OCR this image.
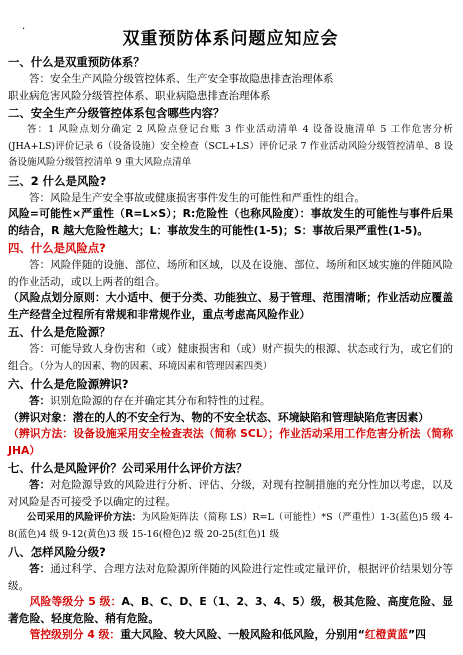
·	双重预防体系问题应知应会
一、什么是双重预防体系？

答：安全生产风险分级管控体系、生产安全事故隐患排查治理体系

职业病危害风险分级管控体系、职业病隐患排查治理体系

二、安全生产分级管控体系包含哪些内容？

答：1 风险点划分确定 2 风险点登记台账 3 作业活动清单 4 设备设施清单 5 工作危害分析(JHA+LS)评价记录 6（设备设施）安全检查（SCL+LS）评价记录 7 作业活动风险分级管控清单、8 设备设施风险分级管控清单 9 重大风险点清单

三、2 什么是风险?

答：风险是生产安全事故或健康损害事件发生的可能性和严重性的组合。

风险=可能性×严重性（R=L×S）；R:危险性（也称风险度）：事故发生的可能性与事件后果的结合，R 越大危险性越大；L：事故发生的可能性(1-5)；S：事故后果严重性(1-5)。

四、什么是风险点?

答：风险伴随的设施、部位、场所和区域，以及在设施、部位、场所和区域实施的伴随风险的作业活动，或以上两者的组合。

（风险点划分原则：大小适中、便于分类、功能独立、易于管理、范围清晰；作业活动应覆盖生产经营全过程所有常规和非常规作业，重点考虑高风险作业）

五、什么是危险源？

答：可能导致人身伤害和（或）健康损害和（或）财产损失的根源、状态或行为，或它们的组合。（分为人的因素、物的因素、环境因素和管理因素四类）

六、什么是危险源辨识?

答：识别危险源的存在并确定其分布和特性的过程。

（辨识对象：潜在的人的不安全行为、物的不安全状态、环境缺陷和管理缺陷危害因素）

（辨识方法：设备设施采用安全检查表法（简称 SCL）；作业活动采用工作危害分析法（简称 JHA）

七、什么是风险评价？公司采用什么评价方法？

答：对危险源导致的风险进行分析、评估、分级，对现有控制措施的充分性加以考虑，以及对风险是否可接受予以确定的过程。

公司采用的风险评价方法：为风险矩阵法（简称 LS）R=L（可能性）*S（严重性）1-3(蓝色)5 级 4-8(蓝色)4 级 9-12(黄色)3 级 15-16(橙色)2 级 20-25(红色)1 级

八、怎样风险分级?

答：通过科学、合理方法对危险源所伴随的风险进行定性或定量评价，根据评价结果划分等级。

风险等级分 5 级：A、B、C、D、E（1、2、3、4、5）级，极其危险、高度危险、显著危险、轻度危险、稍有危险。

管控级别分 4 级：重大风险、较大风险、一般风险和低风险，分别用“红橙黄蓝”四
